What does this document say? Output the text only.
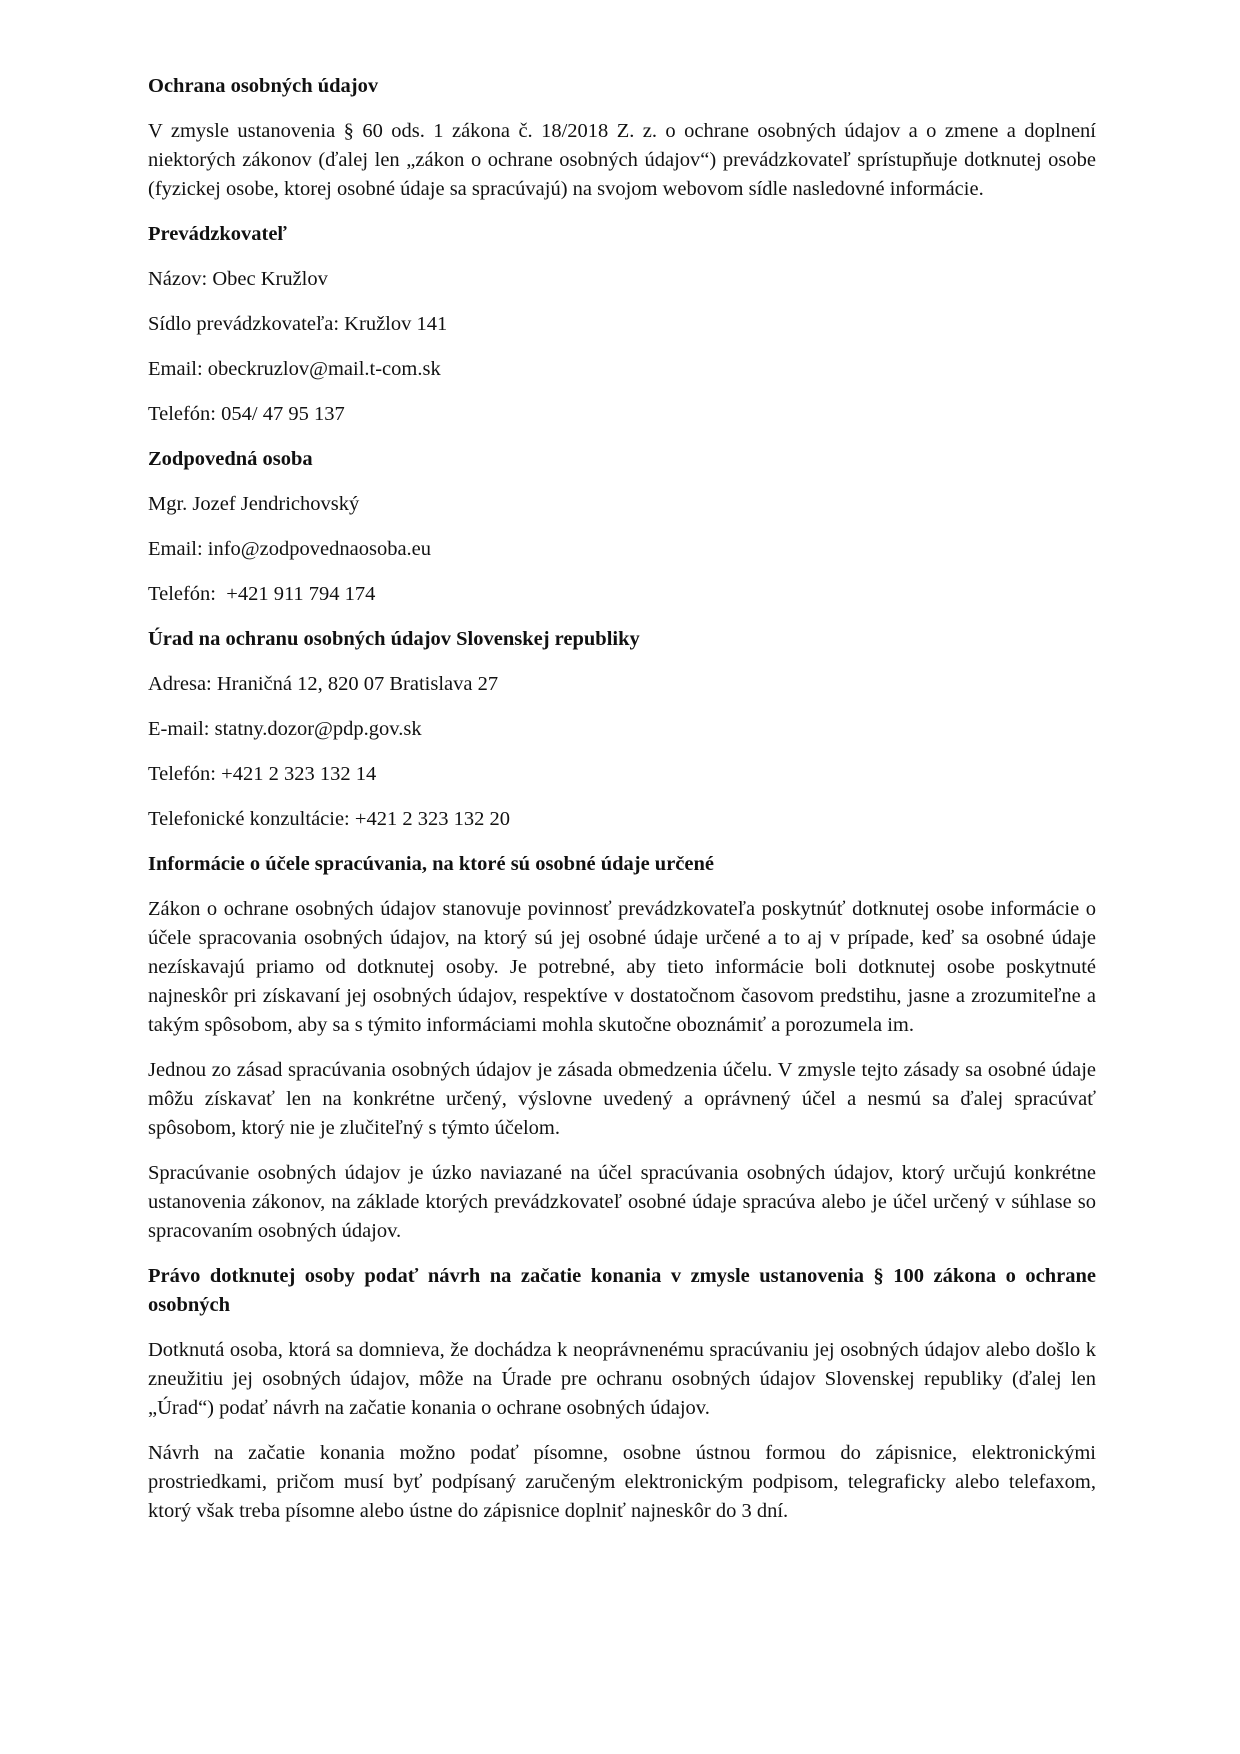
Ochrana osobných údajov
V zmysle ustanovenia § 60 ods. 1 zákona č. 18/2018 Z. z. o ochrane osobných údajov a o zmene a doplnení niektorých zákonov (ďalej len „zákon o ochrane osobných údajov“) prevádzkovateľ sprístupňuje dotknutej osobe (fyzickej osobe, ktorej osobné údaje sa spracúvajú) na svojom webovom sídle nasledovné informácie.
Prevádzkovateľ
Názov: Obec Kružlov
Sídlo prevádzkovateľa: Kružlov 141
Email: obeckruzlov@mail.t-com.sk
Telefón: 054/ 47 95 137
Zodpovedná osoba
Mgr. Jozef Jendrichovský
Email: info@zodpovednaosoba.eu
Telefón:  +421 911 794 174
Úrad na ochranu osobných údajov Slovenskej republiky
Adresa: Hraničná 12, 820 07 Bratislava 27
E-mail: statny.dozor@pdp.gov.sk
Telefón: +421 2 323 132 14
Telefonické konzultácie: +421 2 323 132 20
Informácie o účele spracúvania, na ktoré sú osobné údaje určené
Zákon o ochrane osobných údajov stanovuje povinnosť prevádzkovateľa poskytnúť dotknutej osobe informácie o účele spracovania osobných údajov, na ktorý sú jej osobné údaje určené a to aj v prípade, keď sa osobné údaje nezískavajú priamo od dotknutej osoby. Je potrebné, aby tieto informácie boli dotknutej osobe poskytnuté najneskôr pri získavaní jej osobných údajov, respektíve v dostatočnom časovom predstihu, jasne a zrozumiteľne a takým spôsobom, aby sa s týmito informáciami mohla skutočne oboznámiť a porozumela im.
Jednou zo zásad spracúvania osobných údajov je zásada obmedzenia účelu. V zmysle tejto zásady sa osobné údaje môžu získavať len na konkrétne určený, výslovne uvedený a oprávnený účel a nesmú sa ďalej spracúvať spôsobom, ktorý nie je zlučiteľný s týmto účelom.
Spracúvanie osobných údajov je úzko naviazané na účel spracúvania osobných údajov, ktorý určujú konkrétne ustanovenia zákonov, na základe ktorých prevádzkovateľ osobné údaje spracúva alebo je účel určený v súhlase so spracovaním osobných údajov.
Právo dotknutej osoby podať návrh na začatie konania v zmysle ustanovenia § 100 zákona o ochrane osobných
Dotknutá osoba, ktorá sa domnieva, že dochádza k neoprávnenému spracúvaniu jej osobných údajov alebo došlo k zneužitiu jej osobných údajov, môže na Úrade pre ochranu osobných údajov Slovenskej republiky (ďalej len „Úrad“) podať návrh na začatie konania o ochrane osobných údajov.
Návrh na začatie konania možno podať písomne, osobne ústnou formou do zápisnice, elektronickými prostriedkami, pričom musí byť podpísaný zaručeným elektronickým podpisom, telegraficky alebo telefaxom, ktorý však treba písomne alebo ústne do zápisnice doplniť najneskôr do 3 dní.
